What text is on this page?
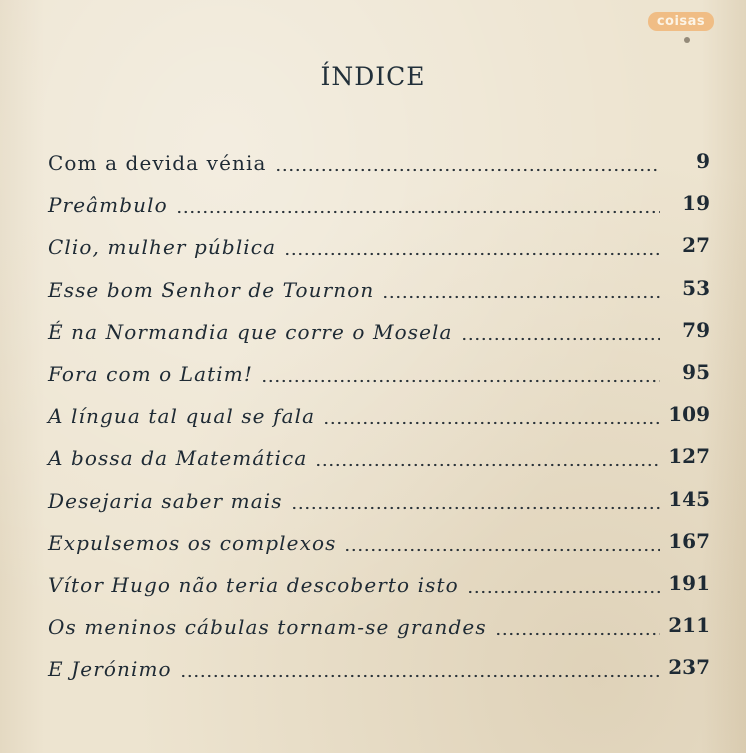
coisas
ÍNDICE
Com a devida vénia	9
Preâmbulo	19
Clio, mulher pública	27
Esse bom Senhor de Tournon	53
É na Normandia que corre o Mosela	79
Fora com o Latim!	95
A língua tal qual se fala	109
A bossa da Matemática	127
Desejaria saber mais	145
Expulsemos os complexos	167
Vítor Hugo não teria descoberto isto	191
Os meninos cábulas tornam-se grandes	211
E Jerónimo	237
